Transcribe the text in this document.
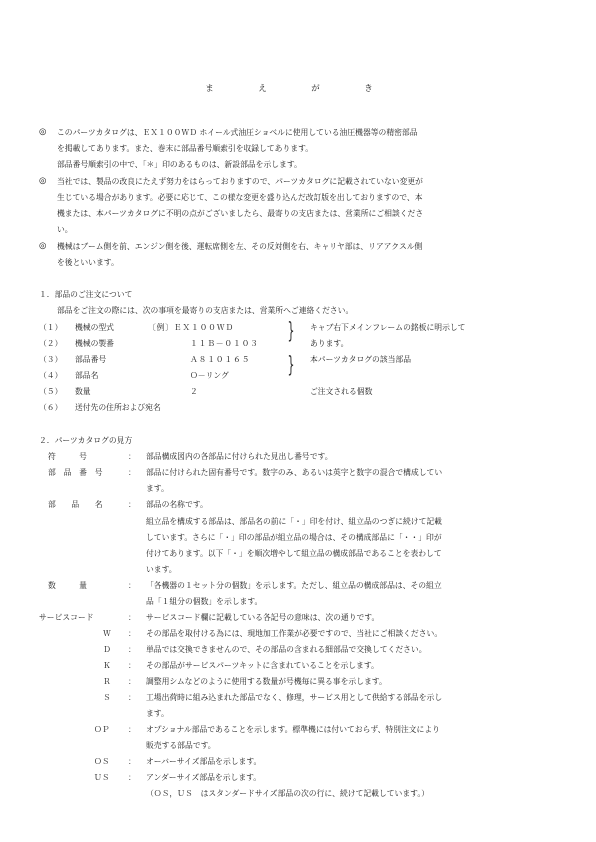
ま　え　が　き
◎ このパーツカタログは、ＥＸ１００ＷＤ ホイール式油圧ショベルに使用している油圧機器等の精密部品
を掲載してあります。また、巻末に部品番号順索引を収録してあります。
部品番号順索引の中で、「＊」印のあるものは、新設部品を示します。
◎ 当社では、製品の改良にたえず努力をはらっておりますので、パーツカタログに記載されていない変更が
生じている場合があります。必要に応じて、この様な変更を盛り込んだ改訂版を出しておりますので、本
機または、本パーツカタログに不明の点がございましたら、最寄りの支店または、営業所にご相談くださ
い。
◎ 機械はブーム側を前、エンジン側を後、運転席側を左、その反対側を右、キャリヤ部は、リアアクスル側
を後といいます。
１．部品のご注文について
部品をご注文の際には、次の事項を最寄りの支店または、営業所へご連絡ください。
（１） 機械の型式	〔例〕ＥＸ１００ＷＤ	キャブ右下メインフレームの銘板に明示して
（２） 機械の製番	１１Ｂ－０１０３	あります。
（３） 部品番号	Ａ８１０１６５	本パーツカタログの該当部品
（４） 部品名	Ｏ－リング
（５） 数量	２	ご注文される個数
（６） 送付先の住所および宛名
}
}
２．パーツカタログの見方
符　　　号	： 部品構成図内の各部品に付けられた見出し番号です。
部　品　番　号	： 部品に付けられた固有番号です。数字のみ、あるいは英字と数字の混合で構成してい
ます。
部　　品　　名	： 部品の名称です。
組立品を構成する部品は、部品名の前に「・」印を付け、組立品のつぎに続けて記載
しています。さらに「・」印の部品が組立品の場合は、その構成部品に「・・」印が
付けてあります。以下「・」を順次増やして組立品の構成部品であることを表わして
います。
数　　　量	： 「各機器の１セット分の個数」を示します。ただし、組立品の構成部品は、その組立
品「１組分の個数」を示します。
サービスコード	： サービスコード欄に記載している各記号の意味は、次の通りです。
Ｗ ： その部品を取付ける為には、現地加工作業が必要ですので、当社にご相談ください。
Ｄ ： 単品では交換できませんので、その部品の含まれる細部品で交換してください。
Ｋ ： その部品がサービスパーツキットに含まれていることを示します。
Ｒ ： 調整用シムなどのように使用する数量が号機毎に異る事を示します。
Ｓ ： 工場出荷時に組み込まれた部品でなく、修理，サービス用として供給する部品を示し
ます。
ＯＰ ： オプショナル部品であることを示します。標準機には付いておらず、特別注文により
販売する部品です。
ＯＳ ： オーバーサイズ部品を示します。
ＵＳ ： アンダーサイズ部品を示します。
（ＯＳ，ＵＳ　はスタンダードサイズ部品の次の行に、続けて記載しています。）
